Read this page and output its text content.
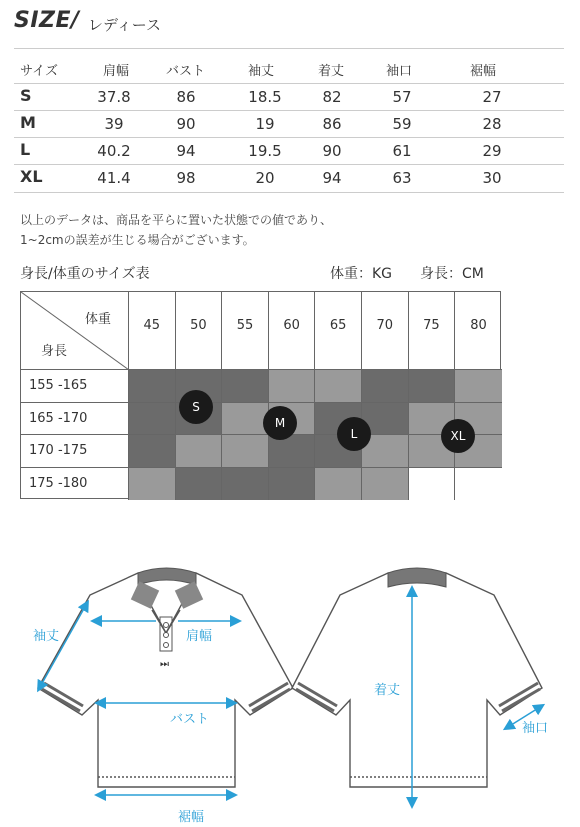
SIZE/ レディース
サイズ	肩幅	バスト	袖丈	着丈	袖口	裾幅
S	37.8	86	18.5	82	57	27
M	39	90	19	86	59	28
L	40.2	94	19.5	90	61	29
XL	41.4	98	20	94	63	30
以上のデータは、商品を平らに置いた状態での値であり、
1~2cmの誤差が生じる場合がございます。
身長/体重のサイズ表	体重：KG 身長：CM
体重
身長
45	50	55	60	65	70	75	80
155 -165
165 -170
170 -175
175 -180
S
M
L	XL
⏭
袖丈	肩幅
バスト
裾幅
着丈
袖口
